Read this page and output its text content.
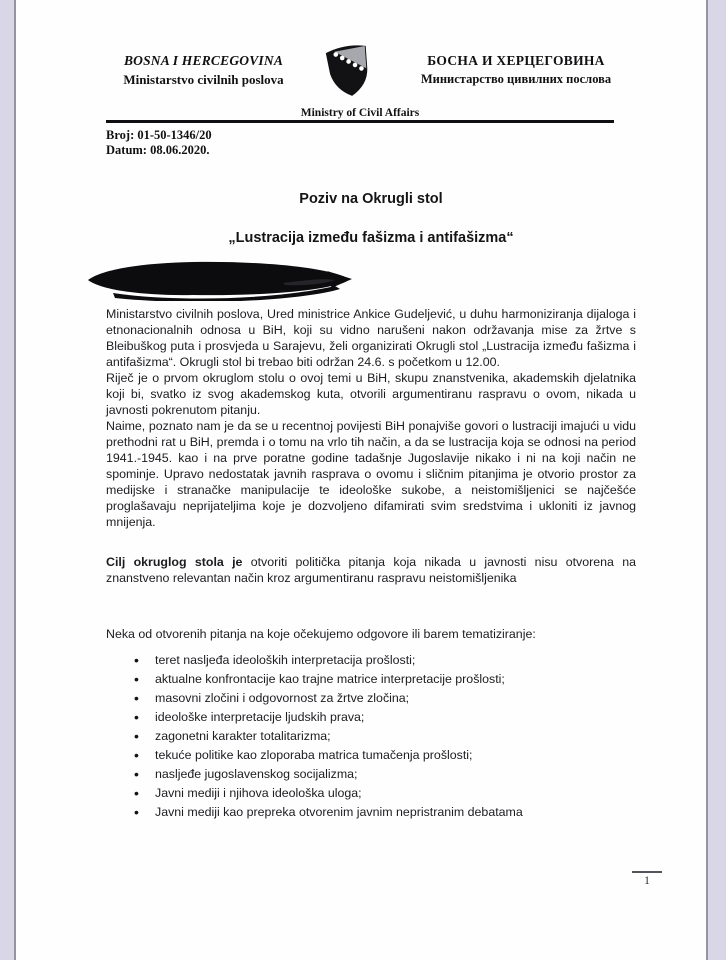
BOSNA I HERCEGOVINA
Ministarstvo civilnih poslova
БОСНА И ХЕРЦЕГОВИНА
Министарство цивилних послова
Ministry of Civil Affairs
Broj: 01-50-1346/20
Datum: 08.06.2020.
Poziv na Okrugli stol
„Lustracija između fašizma i antifašizma“

Ministarstvo civilnih poslova, Ured ministrice Ankice Gudeljević, u duhu harmoniziranja dijaloga i etnonacionalnih odnosa u BiH, koji su vidno narušeni nakon održavanja mise za žrtve s Bleibuškog puta i prosvjeda u Sarajevu, želi organizirati Okrugli stol „Lustracija između fašizma i antifašizma“. Okrugli stol bi trebao biti održan 24.6. s početkom u 12.00.

Riječ je o prvom okruglom stolu o ovoj temi u BiH, skupu znanstvenika, akademskih djelatnika koji bi, svatko iz svog akademskog kuta, otvorili argumentiranu raspravu o ovom, nikada u javnosti pokrenutom pitanju.

Naime, poznato nam je da se u recentnoj povijesti BiH ponajviše govori o lustraciji imajući u vidu prethodni rat u BiH, premda i o tomu na vrlo tih način, a da se lustracija koja se odnosi na period 1941.-1945. kao i na prve poratne godine tadašnje Jugoslavije nikako i ni na koji način ne spominje. Upravo nedostatak javnih rasprava o ovomu i sličnim pitanjima je otvorio prostor za medijske i stranačke manipulacije te ideološke sukobe, a neistomišljenici se najčešće proglašavaju neprijateljima koje je dozvoljeno difamirati svim sredstvima i ukloniti iz javnog mnijenja.

Cilj okruglog stola je otvoriti politička pitanja koja nikada u javnosti nisu otvorena na znanstveno relevantan način kroz argumentiranu raspravu neistomišljenika

Neka od otvorenih pitanja na koje očekujemo odgovore ili barem tematiziranje:

• teret nasljeđa ideoloških interpretacija prošlosti;
• aktualne konfrontacije kao trajne matrice interpretacije prošlosti;
• masovni zločini i odgovornost za žrtve zločina;
• ideološke interpretacije ljudskih prava;
• zagonetni karakter totalitarizma;
• tekuće politike kao zloporaba matrica tumačenja prošlosti;
• nasljeđe jugoslavenskog socijalizma;
• Javni mediji i njihova ideološka uloga;
• Javni mediji kao prepreka otvorenim javnim nepristranim debatama
1
